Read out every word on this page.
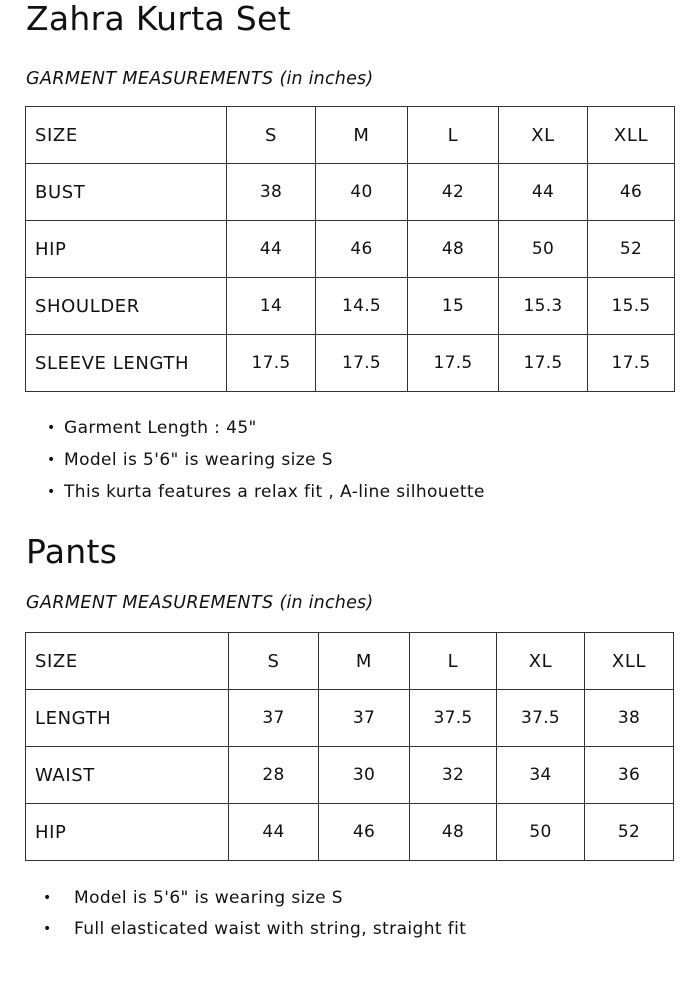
Zahra Kurta Set
GARMENT MEASUREMENTS (in inches)
SIZE	S	M	L	XL	XLL
BUST	38	40	42	44	46
HIP	44	46	48	50	52
SHOULDER	14	14.5	15	15.3	15.5
SLEEVE LENGTH	17.5	17.5	17.5	17.5	17.5
• Garment Length : 45"
• Model is 5'6" is wearing size S
• This kurta features a relax fit , A-line silhouette
Pants
GARMENT MEASUREMENTS (in inches)
SIZE	S	M	L	XL	XLL
LENGTH	37	37	37.5	37.5	38
WAIST	28	30	32	34	36
HIP	44	46	48	50	52
• Model is 5'6" is wearing size S
• Full elasticated waist with string, straight fit
